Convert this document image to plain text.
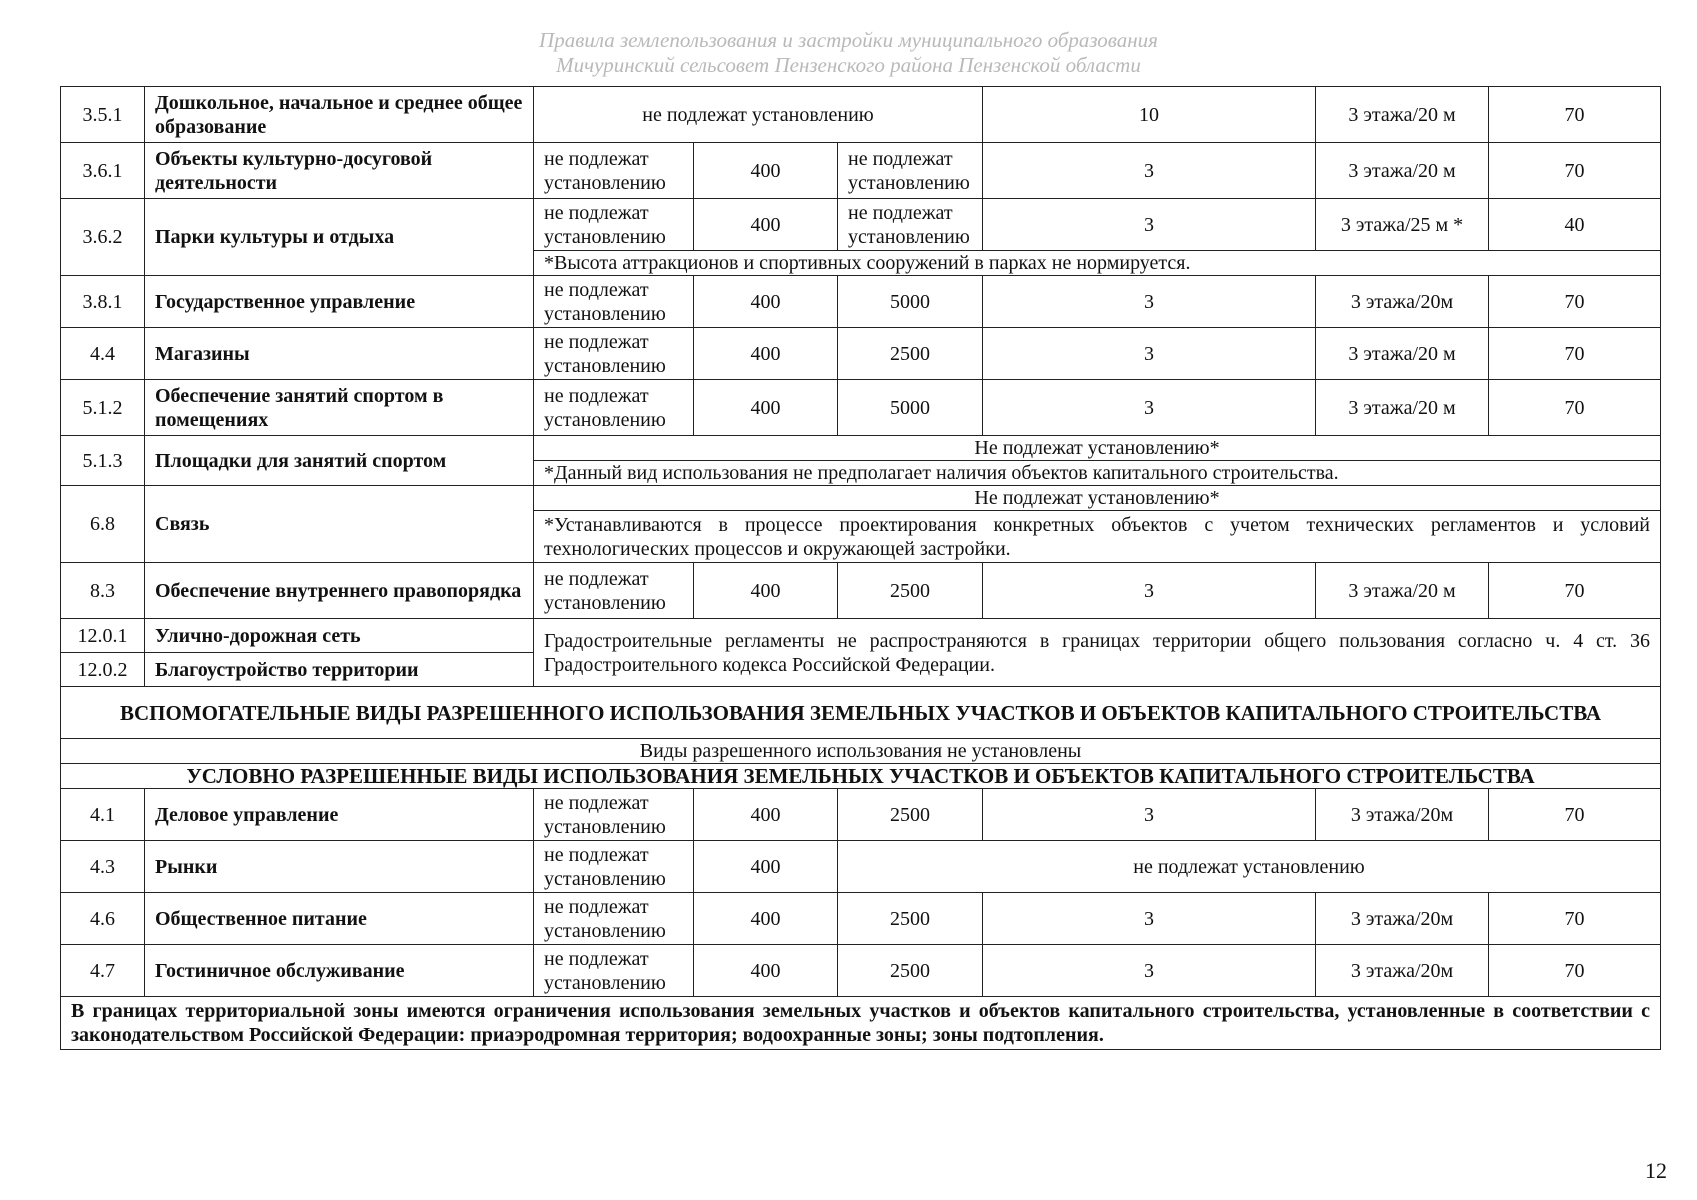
Правила землепользования и застройки муниципального образования
Мичуринский сельсовет Пензенского района Пензенской области
3.5.1	Дошкольное, начальное и среднее общее образование	не подлежат установлению			10	3 этажа/20 м	70
3.6.1	Объекты культурно-досуговой деятельности	не подлежат установлению	400	не подлежат установлению	3	3 этажа/20 м	70
3.6.2	Парки культуры и отдыха	не подлежат установлению	400	не подлежат установлению	3	3 этажа/25 м *	40
		*Высота аттракционов и спортивных сооружений в парках не нормируется.					
3.8.1	Государственное управление	не подлежат установлению	400	5000	3	3 этажа/20м	70
4.4	Магазины	не подлежат установлению	400	2500	3	3 этажа/20 м	70
5.1.2	Обеспечение занятий спортом в помещениях	не подлежат установлению	400	5000	3	3 этажа/20 м	70
5.1.3	Площадки для занятий спортом	Не подлежат установлению*					
		*Данный вид использования не предполагает наличия объектов капитального строительства.					
6.8	Связь	Не подлежат установлению*					
		*Устанавливаются в процессе проектирования конкретных объектов с учетом технических регламентов и условий технологических процессов и окружающей застройки.					
8.3	Обеспечение внутреннего правопорядка	не подлежат установлению	400	2500	3	3 этажа/20 м	70
12.0.1	Улично-дорожная сеть	Градостроительные регламенты не распространяются в границах территории общего пользования согласно ч. 4 ст. 36 Градостроительного кодекса Российской Федерации.					
12.0.2	Благоустройство территории						
ВСПОМОГАТЕЛЬНЫЕ ВИДЫ РАЗРЕШЕННОГО ИСПОЛЬЗОВАНИЯ ЗЕМЕЛЬНЫХ УЧАСТКОВ И ОБЪЕКТОВ КАПИТАЛЬНОГО СТРОИТЕЛЬСТВА							
Виды разрешенного использования не установлены							
УСЛОВНО РАЗРЕШЕННЫЕ ВИДЫ ИСПОЛЬЗОВАНИЯ ЗЕМЕЛЬНЫХ УЧАСТКОВ И ОБЪЕКТОВ КАПИТАЛЬНОГО СТРОИТЕЛЬСТВА							
4.1	Деловое управление	не подлежат установлению	400	2500	3	3 этажа/20м	70
4.3	Рынки	не подлежат установлению	400	не подлежат установлению			
4.6	Общественное питание	не подлежат установлению	400	2500	3	3 этажа/20м	70
4.7	Гостиничное обслуживание	не подлежат установлению	400	2500	3	3 этажа/20м	70
В границах территориальной зоны имеются ограничения использования земельных участков и объектов капитального строительства, установленные в соответствии с законодательством Российской Федерации: приаэродромная территория; водоохранные зоны; зоны подтопления.							
12
